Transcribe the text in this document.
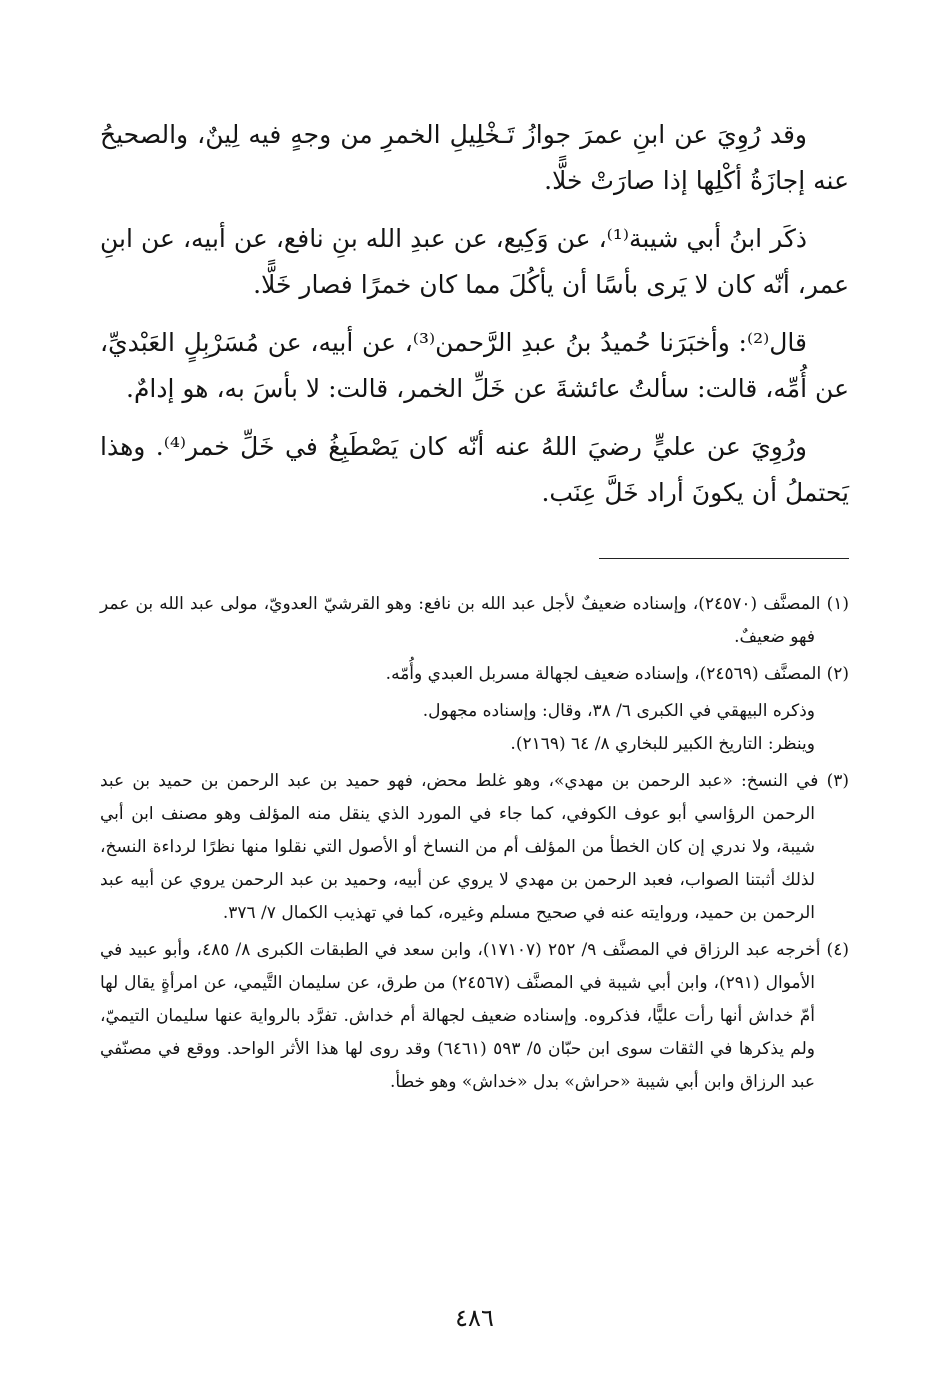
وقد رُوِيَ عن ابنِ عمرَ جوازُ تَـخْلِيلِ الخمرِ من وجهٍ فيه لِينٌ، والصحيحُ عنه إجازَةُ أكْلِها إذا صارَتْ خلًّا.

ذكَر ابنُ أبي شيبة⁽¹⁾، عن وَكِيع، عن عبدِ الله بنِ نافع، عن أبيه، عن ابنِ عمر، أنّه كان لا يَرى بأسًا أن يأكُلَ مما كان خمرًا فصار خَلًّا.

قال⁽²⁾: وأخبَرَنا حُميدُ بنُ عبدِ الرَّحمن⁽³⁾، عن أبيه، عن مُسَرْبِلٍ العَبْديِّ، عن أُمِّه، قالت: سألتُ عائشةَ عن خَلِّ الخمر، قالت: لا بأسَ به، هو إدامٌ.

ورُوِيَ عن عليٍّ رضيَ اللهُ عنه أنّه كان يَصْطَبِغُ في خَلِّ خمر⁽⁴⁾. وهذا يَحتملُ أن يكونَ أراد خَلَّ عِنَب.

(١) المصنَّف (٢٤٥٧٠)، وإسناده ضعيفٌ لأجل عبد الله بن نافع: وهو القرشيّ العدويّ، مولى عبد الله بن عمر فهو ضعيفٌ.

(٢) المصنَّف (٢٤٥٦٩)، وإسناده ضعيف لجهالة مسربل العبدي وأُمّه.

وذكره البيهقي في الكبرى ٦/ ٣٨، وقال: وإسناده مجهول.

وينظر: التاريخ الكبير للبخاري ٨/ ٦٤ (٢١٦٩).

(٣) في النسخ: «عبد الرحمن بن مهدي»، وهو غلط محض، فهو حميد بن عبد الرحمن بن حميد بن عبد الرحمن الرؤاسي أبو عوف الكوفي، كما جاء في المورد الذي ينقل منه المؤلف وهو مصنف ابن أبي شيبة، ولا ندري إن كان الخطأ من المؤلف أم من النساخ أو الأصول التي نقلوا منها نظرًا لرداءة النسخ، لذلك أثبتنا الصواب، فعبد الرحمن بن مهدي لا يروي عن أبيه، وحميد بن عبد الرحمن يروي عن أبيه عبد الرحمن بن حميد، وروايته عنه في صحيح مسلم وغيره، كما في تهذيب الكمال ٧/ ٣٧٦.

(٤) أخرجه عبد الرزاق في المصنَّف ٩/ ٢٥٢ (١٧١٠٧)، وابن سعد في الطبقات الكبرى ٨/ ٤٨٥، وأبو عبيد في الأموال (٢٩١)، وابن أبي شيبة في المصنَّف (٢٤٥٦٧) من طرق، عن سليمان التَّيمي، عن امرأةٍ يقال لها أمّ خداش أنها رأت عليًّا، فذكروه. وإسناده ضعيف لجهالة أم خداش. تفرَّد بالرواية عنها سليمان التيميّ، ولم يذكرها في الثقات سوى ابن حبّان ٥/ ٥٩٣ (٦٤٦١) وقد روى لها هذا الأثر الواحد. ووقع في مصنّفي عبد الرزاق وابن أبي شيبة «حراش» بدل «خداش» وهو خطأ.

٤٨٦
